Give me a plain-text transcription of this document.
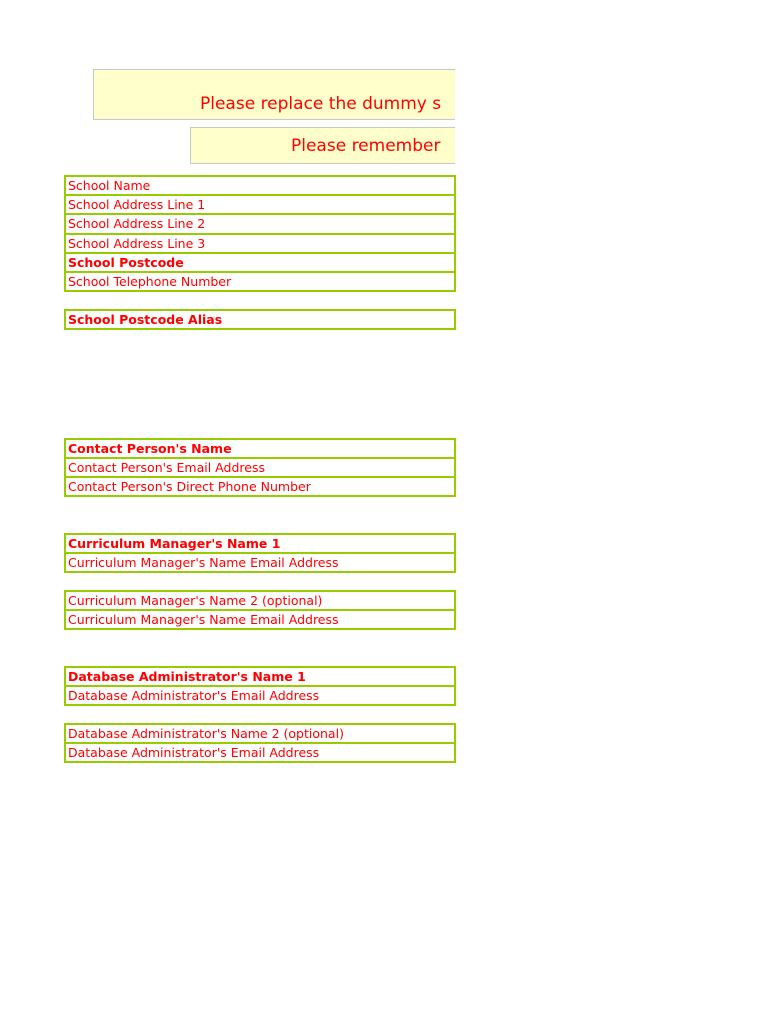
Please replace the dummy s
Please remember
School Name
School Address Line 1
School Address Line 2
School Address Line 3
School Postcode
School Telephone Number
School Postcode Alias
Contact Person's Name
Contact Person's Email Address
Contact Person's Direct Phone Number
Curriculum Manager's Name 1
Curriculum Manager's Name Email Address
Curriculum Manager's Name 2 (optional)
Curriculum Manager's Name Email Address
Database Administrator's Name 1
Database Administrator's Email Address
Database Administrator's Name 2 (optional)
Database Administrator's Email Address
